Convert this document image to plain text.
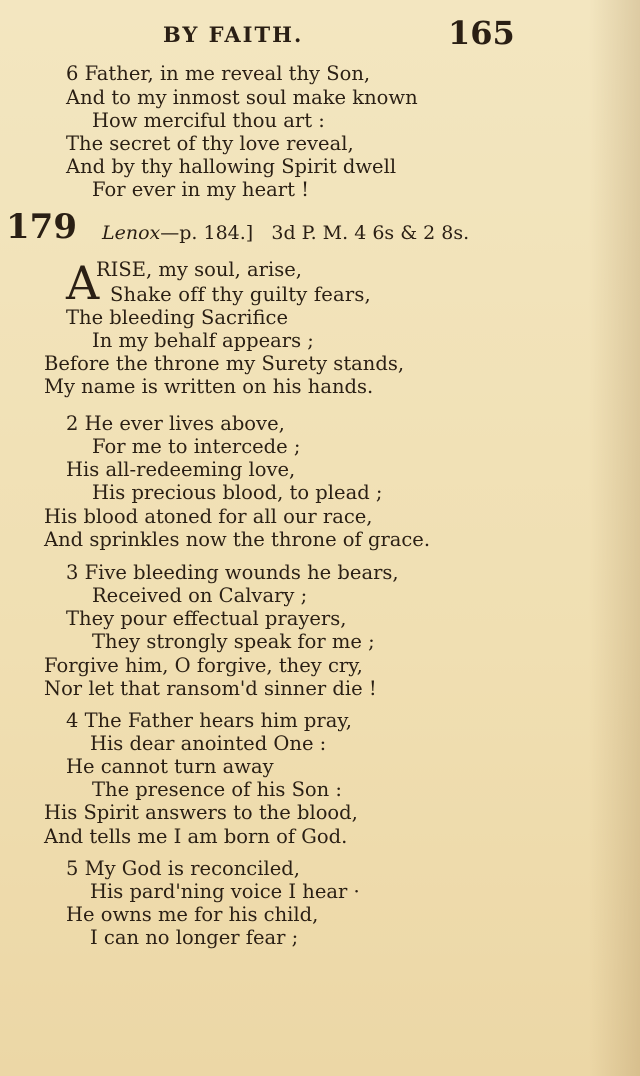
BY FAITH.	165
6 Father, in me reveal thy Son,
And to my inmost soul make known
How merciful thou art :
The secret of thy love reveal,
And by thy hallowing Spirit dwell
For ever in my heart !
179 Lenox—p. 184.] 3d P. M. 4 6s & 2 8s.
A
RISE, my soul, arise,
Shake off thy guilty fears,
The bleeding Sacrifice
In my behalf appears ;
Before the throne my Surety stands,
My name is written on his hands.
2 He ever lives above,
For me to intercede ;
His all-redeeming love,
His precious blood, to plead ;
His blood atoned for all our race,
And sprinkles now the throne of grace.
3 Five bleeding wounds he bears,
Received on Calvary ;
They pour effectual prayers,
They strongly speak for me ;
Forgive him, O forgive, they cry,
Nor let that ransom'd sinner die !
4 The Father hears him pray,
His dear anointed One :
He cannot turn away
The presence of his Son :
His Spirit answers to the blood,
And tells me I am born of God.
5 My God is reconciled,
His pard'ning voice I hear ·
He owns me for his child,
I can no longer fear ;
